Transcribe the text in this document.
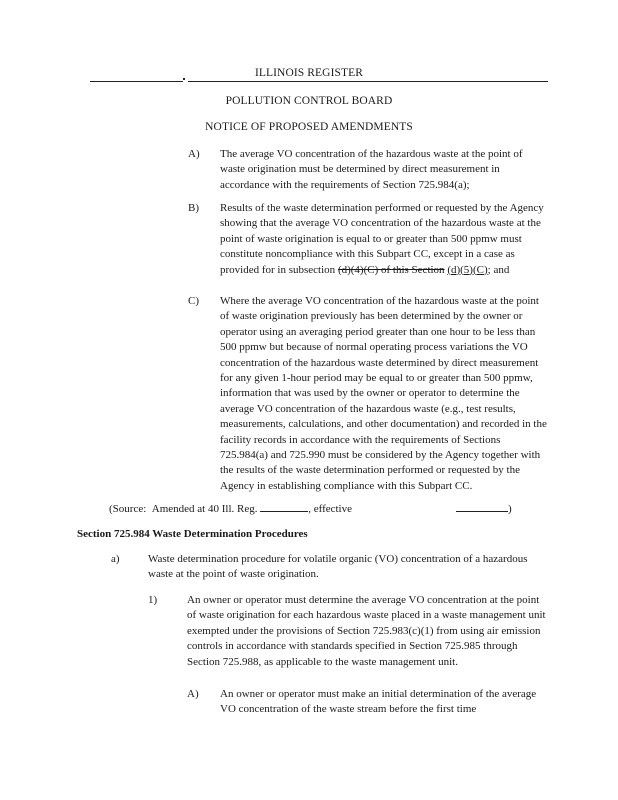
ILLINOIS REGISTER
POLLUTION CONTROL BOARD
NOTICE OF PROPOSED AMENDMENTS
A) The average VO concentration of the hazardous waste at the point of waste origination must be determined by direct measurement in accordance with the requirements of Section 725.984(a);
B) Results of the waste determination performed or requested by the Agency showing that the average VO concentration of the hazardous waste at the point of waste origination is equal to or greater than 500 ppmw must constitute noncompliance with this Subpart CC, except in a case as provided for in subsection (d)(4)(C) of this Section (d)(5)(C); and
C) Where the average VO concentration of the hazardous waste at the point of waste origination previously has been determined by the owner or operator using an averaging period greater than one hour to be less than 500 ppmw but because of normal operating process variations the VO concentration of the hazardous waste determined by direct measurement for any given 1-hour period may be equal to or greater than 500 ppmw, information that was used by the owner or operator to determine the average VO concentration of the hazardous waste (e.g., test results, measurements, calculations, and other documentation) and recorded in the facility records in accordance with the requirements of Sections 725.984(a) and 725.990 must be considered by the Agency together with the results of the waste determination performed or requested by the Agency in establishing compliance with this Subpart CC.
(Source: Amended at 40 Ill. Reg.	, effective	)
Section 725.984 Waste Determination Procedures
a)	Waste determination procedure for volatile organic (VO) concentration of a hazardous waste at the point of waste origination.
1)	An owner or operator must determine the average VO concentration at the point of waste origination for each hazardous waste placed in a waste management unit exempted under the provisions of Section 725.983(c)(1) from using air emission controls in accordance with standards specified in Section 725.985 through Section 725.988, as applicable to the waste management unit.
A) An owner or operator must make an initial determination of the average VO concentration of the waste stream before the first time
